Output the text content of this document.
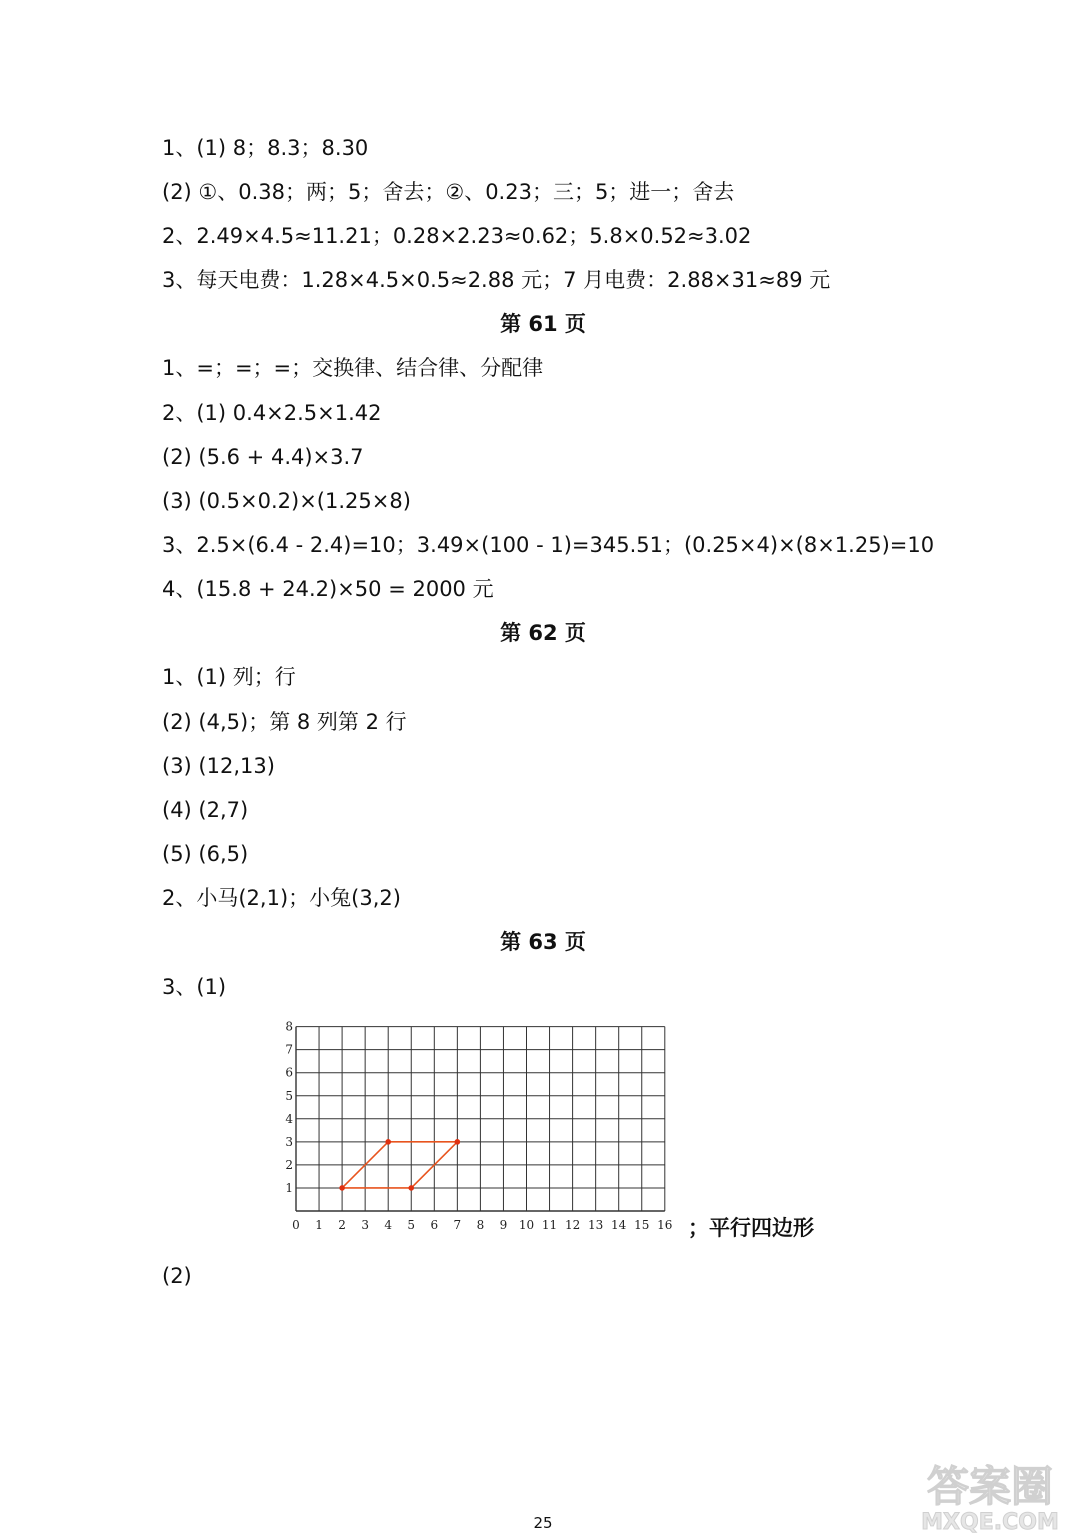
1、(1) 8；8.3；8.30
(2) ①、0.38；两；5；舍去；②、0.23；三；5；进一；舍去
2、2.49×4.5≈11.21；0.28×2.23≈0.62；5.8×0.52≈3.02
3、每天电费：1.28×4.5×0.5≈2.88 元；7 月电费：2.88×31≈89 元
第 61 页
1、=；=；=；交换律、结合律、分配律
2、(1) 0.4×2.5×1.42
(2) (5.6 + 4.4)×3.7
(3) (0.5×0.2)×(1.25×8)
3、2.5×(6.4 - 2.4)=10；3.49×(100 - 1)=345.51；(0.25×4)×(8×1.25)=10
4、(15.8 + 24.2)×50 = 2000 元
第 62 页
1、(1) 列；行
(2) (4,5)；第 8 列第 2 行
(3) (12,13)
(4) (2,7)
(5) (6,5)
2、小马(2,1)；小兔(3,2)
第 63 页
3、(1)
0 1 2 3 4 5 6 7 8 9 10 11 12 13 14 15 16
1
2
3
4
5
6
7
8
；平行四边形
(2)
答案圈
MXQE.COM
25
